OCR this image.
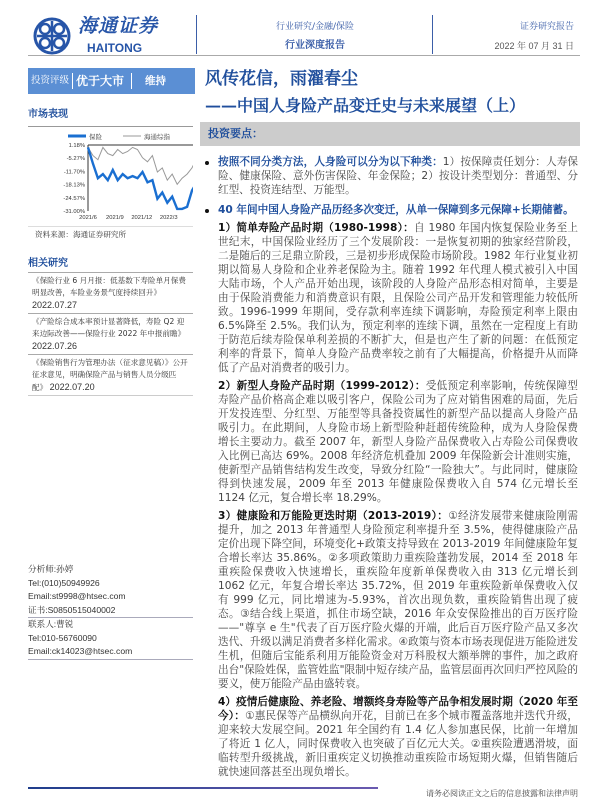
海通证券
HAITONG
行业研究/金融/保险
行业深度报告
证券研究报告
2022 年 07 月 31 日
投资评级 优于大市 维持 风传花信，雨濯春尘
——中国人身险产品变迁史与未来展望（上）
市场表现
保险	海通综指
1.18%
-5.27%
-11.70%
-18.13%
-24.57%
-31.00%
2021/6 2021/9 2021/12 2022/3
资料来源：海通证券研究所
相关研究
《保险行业 6 月月报：低基数下寿险单月保费明显改善，车险业务景气度持续回升》 2022.07.27
《产险综合成本率预计显著降低，寿险 Q2 迎来边际改善——保险行业 2022 年中报前瞻》 2022.07.26
《保险销售行为管理办法（征求意见稿）》公开征求意见，明确保险产品与销售人员分级匹配》 2022.07.20
分析师:孙婷
Tel:(010)50949926
Email:st9998@htsec.com
证书:S0850515040002
联系人:曹锐
Tel:010-56760090
Email:ck14023@htsec.com
投资要点：
按照不同分类方法，人身险可以分为以下种类：1）按保障责任划分：人寿保险、健康保险、意外伤害保险、年金保险；2）按设计类型划分：普通型、分红型、投资连结型、万能型。
40 年间中国人身险产品历经多次变迁，从单一保障到多元保障+长期储蓄。

1）简单寿险产品时期（1980-1998）：自 1980 年国内恢复保险业务至上世纪末，中国保险业经历了三个发展阶段：一是恢复初期的独家经营阶段，二是随后的三足鼎立阶段，三是初步形成保险市场阶段。1982 年行业复业初期以简易人身险和企业养老保险为主。随着 1992 年代理人模式被引入中国大陆市场，个人产品开始出现，该阶段的人身险产品形态相对简单，主要是由于保险消费能力和消费意识有限，且保险公司产品开发和管理能力较低所致。1996-1999 年期间，受存款利率连续下调影响，寿险预定利率上限由 6.5%降至 2.5%。我们认为，预定利率的连续下调，虽然在一定程度上有助于防范后续寿险保单利差损的不断扩大，但是也产生了新的问题：在低预定利率的背景下，简单人身险产品费率较之前有了大幅提高，价格提升从而降低了产品对消费者的吸引力。

2）新型人身险产品时期（1999-2012）：受低预定利率影响，传统保障型寿险产品价格高企难以吸引客户，保险公司为了应对销售困难的局面，先后开发投连型、分红型、万能型等具备投资属性的新型产品以提高人身险产品吸引力。在此期间，人身险市场上新型险种赶超传统险种，成为人身险保费增长主要动力。截至 2007 年，新型人身险产品保费收入占寿险公司保费收入比例已高达 69%。2008 年经济危机叠加 2009 年保险新会计准则实施，使新型产品销售结构发生改变，导致分红险“一险独大”。与此同时，健康险得到快速发展，2009 年至 2013 年健康险保费收入自 574 亿元增长至 1124 亿元，复合增长率 18.29%。

3）健康险和万能险更迭时期（2013-2019）：①经济发展带来健康险刚需提升，加之 2013 年普通型人身险预定利率提升至 3.5%，使得健康险产品定价出现下降空间，环境变化+政策支持导致在 2013-2019 年间健康险年复合增长率达 35.86%。②多项政策助力重疾险蓬勃发展，2014 至 2018 年重疾险保费收入快速增长，重疾险年度新单保费收入由 313 亿元增长到 1062 亿元，年复合增长率达 35.72%，但 2019 年重疾险新单保费收入仅有 999 亿元，同比增速为-5.93%，首次出现负数，重疾险销售出现了疲态。③结合线上渠道，抓住市场空缺，2016 年众安保险推出的百万医疗险——"尊享 e 生"代表了百万医疗险火爆的开端，此后百万医疗险产品又多次迭代、升级以满足消费者多样化需求。④政策与资本市场表现促进万能险迸发生机，但随后宝能系利用万能险资金对万科股权大额举牌的事件，加之政府出台"保险姓保，监管姓监"限制中短存续产品，监管层面再次回归严控风险的要义，使万能险产品由盛转衰。

4）疫情后健康险、养老险、增额终身寿险等产品争相发展时期（2020 年至今）：①惠民保等产品横纵向开花，目前已在多个城市覆盖落地并迭代升级，迎来较大发展空间。2021 年全国约有 1.4 亿人参加惠民保，比前一年增加了将近 1 亿人，同时保费收入也突破了百亿元大关。②重疾险遭遇滑坡，面临转型升级挑战，新旧重疾定义切换推动重疾险市场短期火爆，但销售随后就快速回落甚至出现负增长。

请务必阅读正文之后的信息披露和法律声明
